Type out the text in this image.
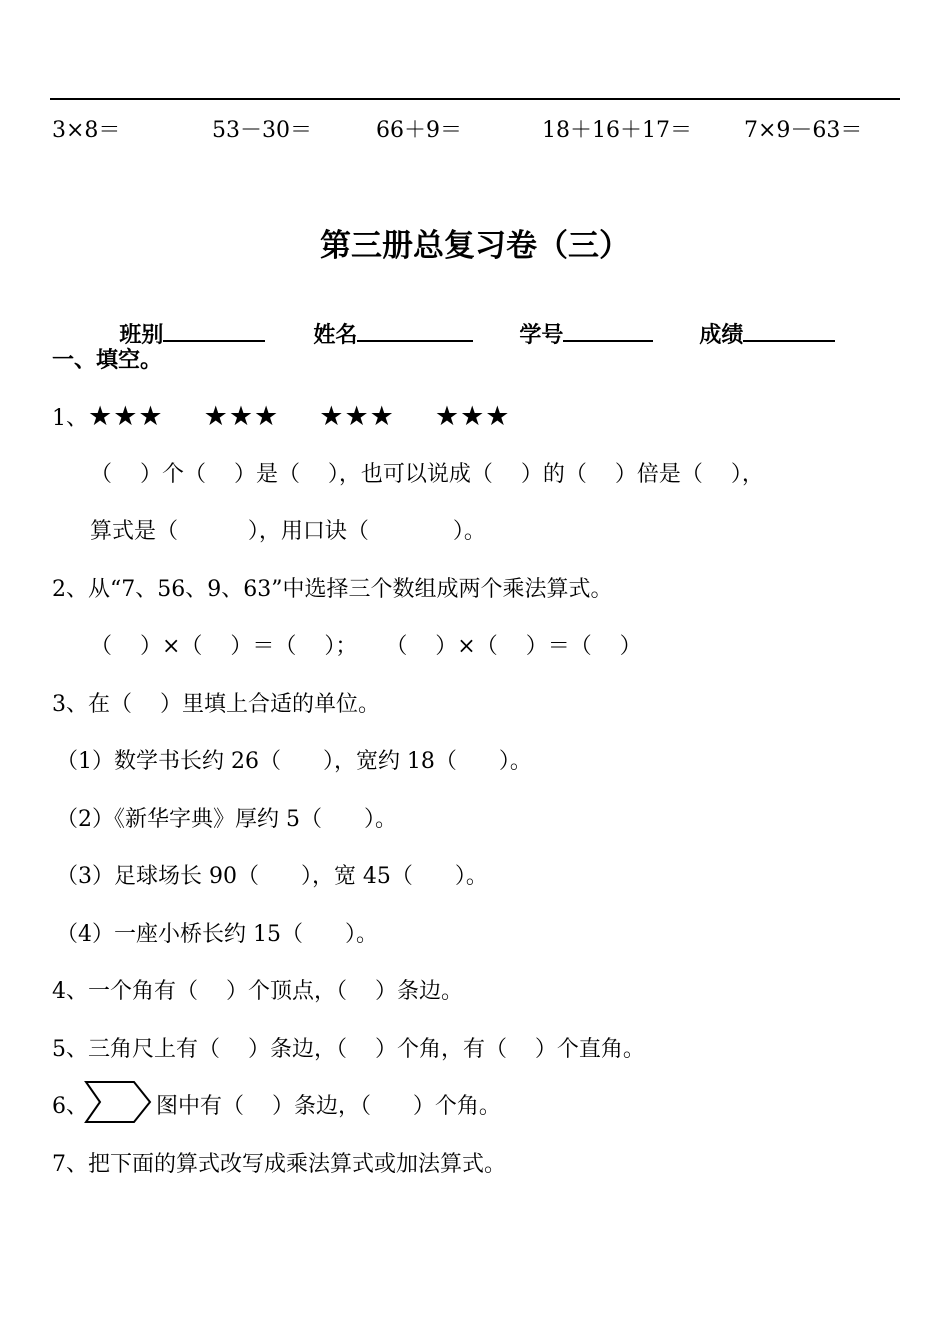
3×8＝	53－30＝	66＋9＝	18＋16＋17＝ 7×9－63＝
第三册总复习卷（三）

班别	姓名	学号	成绩

一、填空。
1、★★★ ★★★ ★★★ ★★★
（    ）个（    ）是（    ），也可以说成（    ）的（    ）倍是（    ），
算式是（          ），用口诀（            ）。
2、从“7、56、9、63”中选择三个数组成两个乘法算式。
（    ）×（    ）＝（    ）；    （    ）×（    ）＝（    ）
3、在（    ）里填上合适的单位。
（1）数学书长约 26（      ），宽约 18（      ）。
（2）《新华字典》厚约 5（      ）。
（3）足球场长 90（      ），宽 45（      ）。
（4）一座小桥长约 15（      ）。
4、一个角有（    ）个顶点，（    ）条边。
5、三角尺上有（    ）条边，（    ）个角，有（    ）个直角。
6、	图中有（    ）条边，（      ）个角。
7、把下面的算式改写成乘法算式或加法算式。
